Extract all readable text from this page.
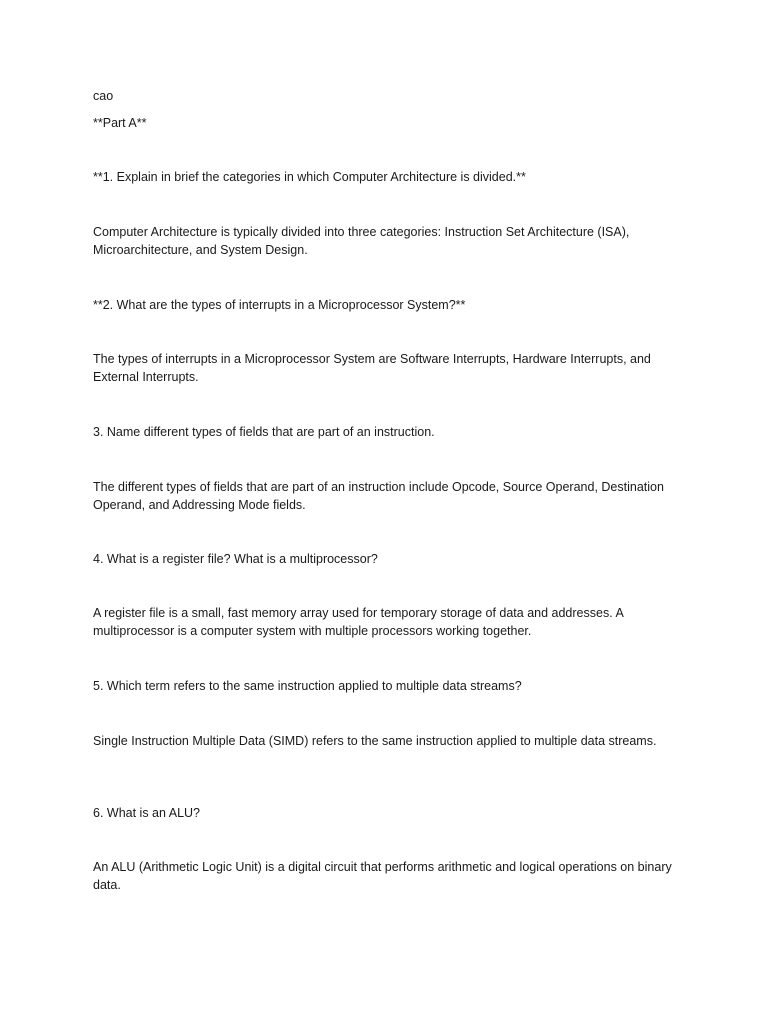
cao
**Part A**
**1. Explain in brief the categories in which Computer Architecture is divided.**
Computer Architecture is typically divided into three categories: Instruction Set Architecture (ISA), Microarchitecture, and System Design.
**2. What are the types of interrupts in a Microprocessor System?**
The types of interrupts in a Microprocessor System are Software Interrupts, Hardware Interrupts, and External Interrupts.
3. Name different types of fields that are part of an instruction.
The different types of fields that are part of an instruction include Opcode, Source Operand, Destination Operand, and Addressing Mode fields.
4. What is a register file? What is a multiprocessor?
A register file is a small, fast memory array used for temporary storage of data and addresses. A multiprocessor is a computer system with multiple processors working together.
5. Which term refers to the same instruction applied to multiple data streams?
Single Instruction Multiple Data (SIMD) refers to the same instruction applied to multiple data streams.
6. What is an ALU?
An ALU (Arithmetic Logic Unit) is a digital circuit that performs arithmetic and logical operations on binary data.
